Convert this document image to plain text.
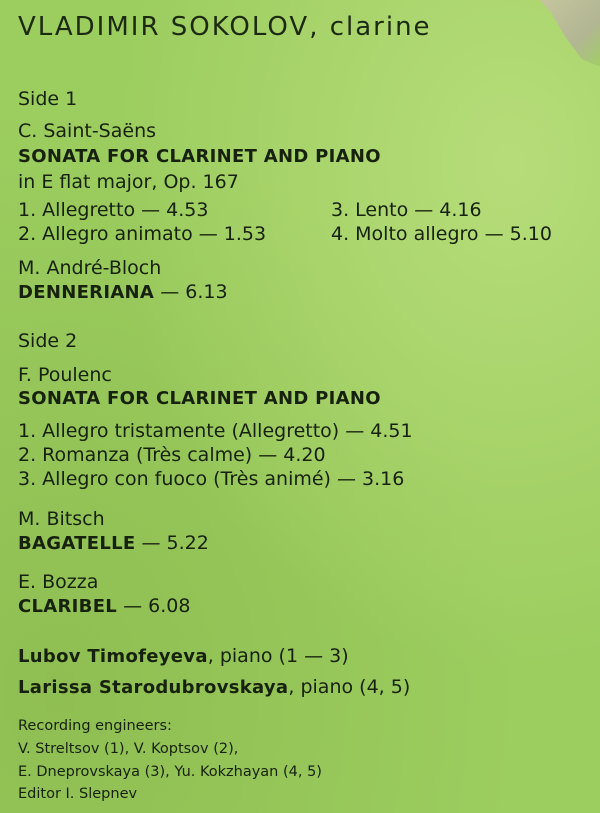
VLADIMIR SOKOLOV, clarine
Side 1
C. Saint-Saëns
SONATA FOR CLARINET AND PIANO
in E flat major, Op. 167
1. Allegretto — 4.53
2. Allegro animato — 1.53
3. Lento — 4.16
4. Molto allegro — 5.10
M. André-Bloch
DENNERIANA — 6.13
Side 2
F. Poulenc
SONATA FOR CLARINET AND PIANO
1. Allegro tristamente (Allegretto) — 4.51
2. Romanza (Très calme) — 4.20
3. Allegro con fuoco (Très animé) — 3.16
M. Bitsch
BAGATELLE — 5.22
E. Bozza
CLARIBEL — 6.08
Lubov Timofeyeva, piano (1 — 3)
Larissa Starodubrovskaya, piano (4, 5)
Recording engineers:
V. Streltsov (1), V. Koptsov (2),
E. Dneprovskaya (3), Yu. Kokzhayan (4, 5)
Editor I. Slepnev
